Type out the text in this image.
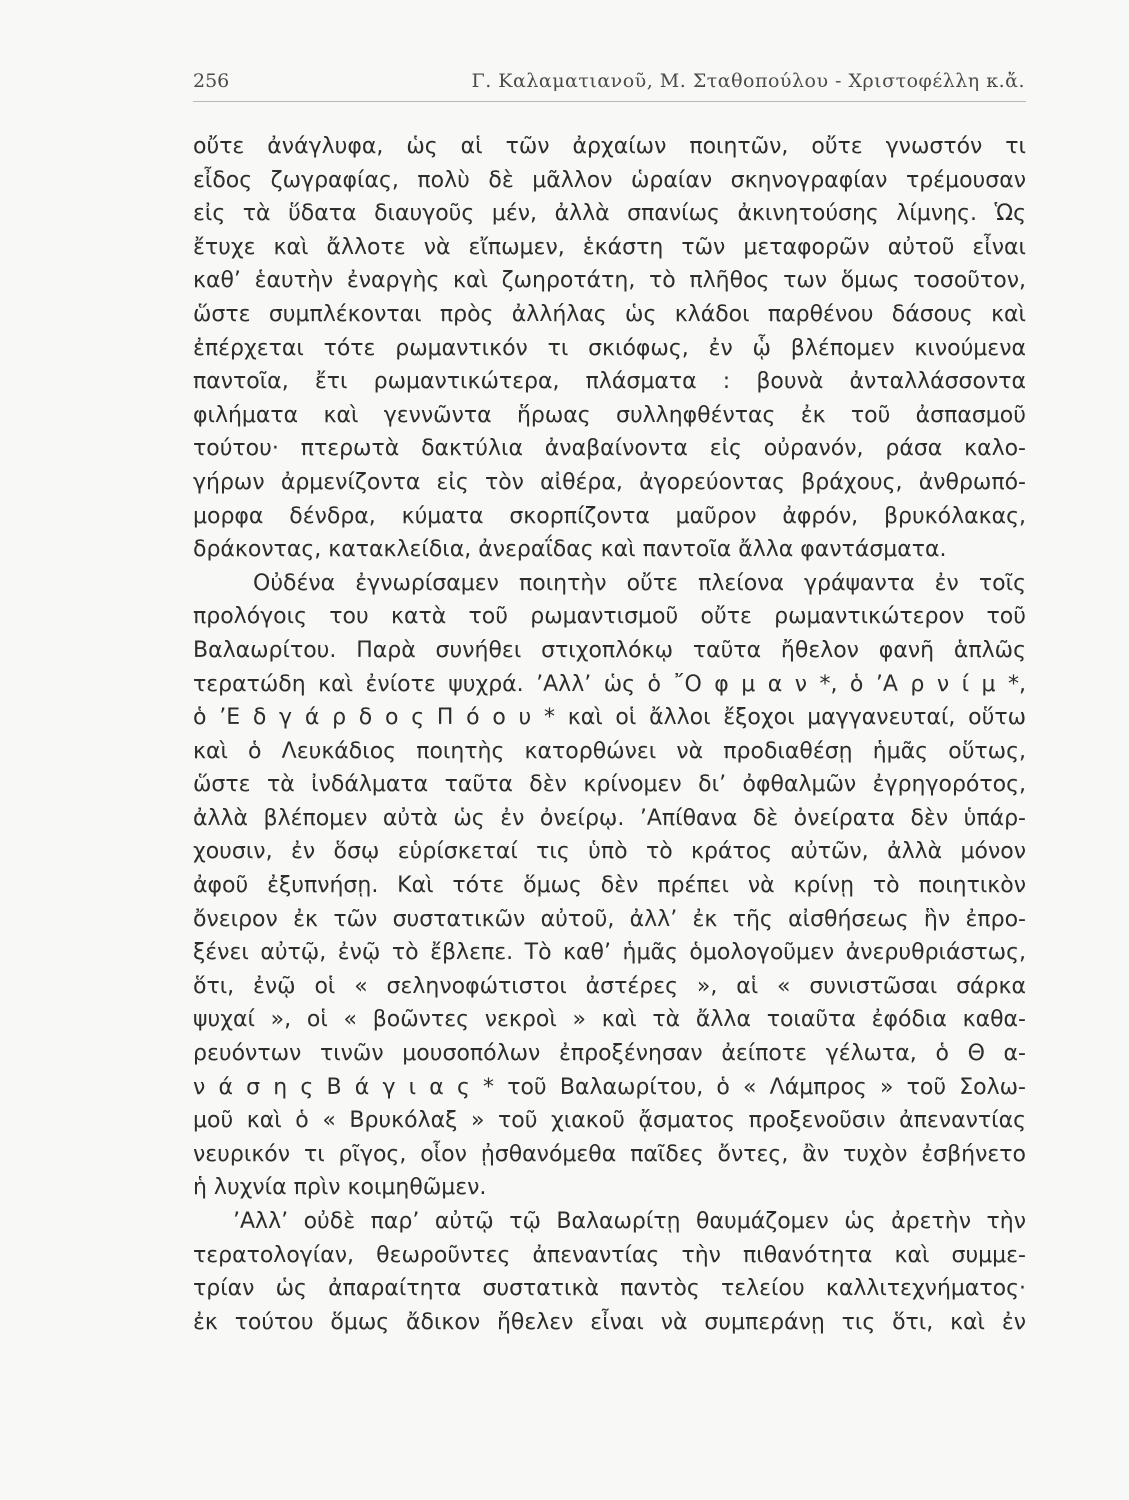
256	Γ. Καλαματιανοῦ, Μ. Σταθοπούλου - Χριστοφέλλη κ.ἄ.
οὔτε ἀνάγλυφα, ὡς αἱ τῶν ἀρχαίων ποιητῶν, οὔτε γνωστόν τι
εἶδος ζωγραφίας, πολὺ δὲ μᾶλλον ὡραίαν σκηνογραφίαν τρέμουσαν
εἰς τὰ ὕδατα διαυγοῦς μέν, ἀλλὰ σπανίως ἀκινητούσης λίμνης. Ὡς
ἔτυχε καὶ ἄλλοτε νὰ εἴπωμεν, ἑκάστη τῶν μεταφορῶν αὐτοῦ εἶναι
καθ’ ἑαυτὴν ἐναργὴς καὶ ζωηροτάτη, τὸ πλῆθος των ὅμως τοσοῦτον,
ὥστε συμπλέκονται πρὸς ἀλλήλας ὡς κλάδοι παρθένου δάσους καὶ
ἐπέρχεται τότε ρωμαντικόν τι σκιόφως, ἐν ᾧ βλέπομεν κινούμενα
παντοῖα, ἔτι ρωμαντικώτερα, πλάσματα : βουνὰ ἀνταλλάσσοντα
φιλήματα καὶ γεννῶντα ἥρωας συλληφθέντας ἐκ τοῦ ἀσπασμοῦ
τούτου· πτερωτὰ δακτύλια ἀναβαίνοντα εἰς οὐρανόν, ράσα καλο-
γήρων ἀρμενίζοντα εἰς τὸν αἰθέρα, ἀγορεύοντας βράχους, ἀνθρωπό-
μορφα δένδρα, κύματα σκορπίζοντα μαῦρον ἀφρόν, βρυκόλακας,
δράκοντας, κατακλείδια, ἀνεραΐδας καὶ παντοῖα ἄλλα φαντάσματα.
Οὐδένα ἐγνωρίσαμεν ποιητὴν οὔτε πλείονα γράψαντα ἐν τοῖς
προλόγοις του κατὰ τοῦ ρωμαντισμοῦ οὔτε ρωμαντικώτερον τοῦ
Βαλαωρίτου. Παρὰ συνήθει στιχοπλόκῳ ταῦτα ἤθελον φανῆ ἁπλῶς
τερατώδη καὶ ἐνίοτε ψυχρά. ’Αλλ’ ὡς ὁ ῎Ο φ μ α ν *, ὁ ’Α ρ ν ί μ *,
ὁ ’Ε δ γ ά ρ δ ο ς Π ό ο υ * καὶ οἱ ἄλλοι ἔξοχοι μαγγανευταί, οὕτω
καὶ ὁ Λευκάδιος ποιητὴς κατορθώνει νὰ προδιαθέσῃ ἡμᾶς οὕτως,
ὥστε τὰ ἰνδάλματα ταῦτα δὲν κρίνομεν δι’ ὀφθαλμῶν ἐγρηγορότος,
ἀλλὰ βλέπομεν αὐτὰ ὡς ἐν ὀνείρῳ. ’Απίθανα δὲ ὀνείρατα δὲν ὑπάρ-
χουσιν, ἐν ὅσῳ εὑρίσκεταί τις ὑπὸ τὸ κράτος αὐτῶν, ἀλλὰ μόνον
ἀφοῦ ἐξυπνήσῃ. Καὶ τότε ὅμως δὲν πρέπει νὰ κρίνῃ τὸ ποιητικὸν
ὄνειρον ἐκ τῶν συστατικῶν αὐτοῦ, ἀλλ’ ἐκ τῆς αἰσθήσεως ἣν ἐπρο-
ξένει αὐτῷ, ἐνῷ τὸ ἔβλεπε. Τὸ καθ’ ἡμᾶς ὁμολογοῦμεν ἀνερυθριάστως,
ὅτι, ἐνῷ οἱ « σεληνοφώτιστοι ἀστέρες », αἱ « συνιστῶσαι σάρκα
ψυχαί », οἱ « βοῶντες νεκροὶ » καὶ τὰ ἄλλα τοιαῦτα ἐφόδια καθα-
ρευόντων τινῶν μουσοπόλων ἐπροξένησαν ἀείποτε γέλωτα, ὁ Θ α-
ν ά σ η ς Β ά γ ι α ς * τοῦ Βαλαωρίτου, ὁ « Λάμπρος » τοῦ Σολω-
μοῦ καὶ ὁ « Βρυκόλαξ » τοῦ χιακοῦ ᾄσματος προξενοῦσιν ἀπεναντίας
νευρικόν τι ρῖγος, οἷον ᾐσθανόμεθα παῖδες ὄντες, ἂν τυχὸν ἐσβήνετο
ἡ λυχνία πρὶν κοιμηθῶμεν.
’Αλλ’ οὐδὲ παρ’ αὐτῷ τῷ Βαλαωρίτῃ θαυμάζομεν ὡς ἀρετὴν τὴν
τερατολογίαν, θεωροῦντες ἀπεναντίας τὴν πιθανότητα καὶ συμμε-
τρίαν ὡς ἀπαραίτητα συστατικὰ παντὸς τελείου καλλιτεχνήματος·
ἐκ τούτου ὅμως ἄδικον ἤθελεν εἶναι νὰ συμπεράνῃ τις ὅτι, καὶ ἐν
